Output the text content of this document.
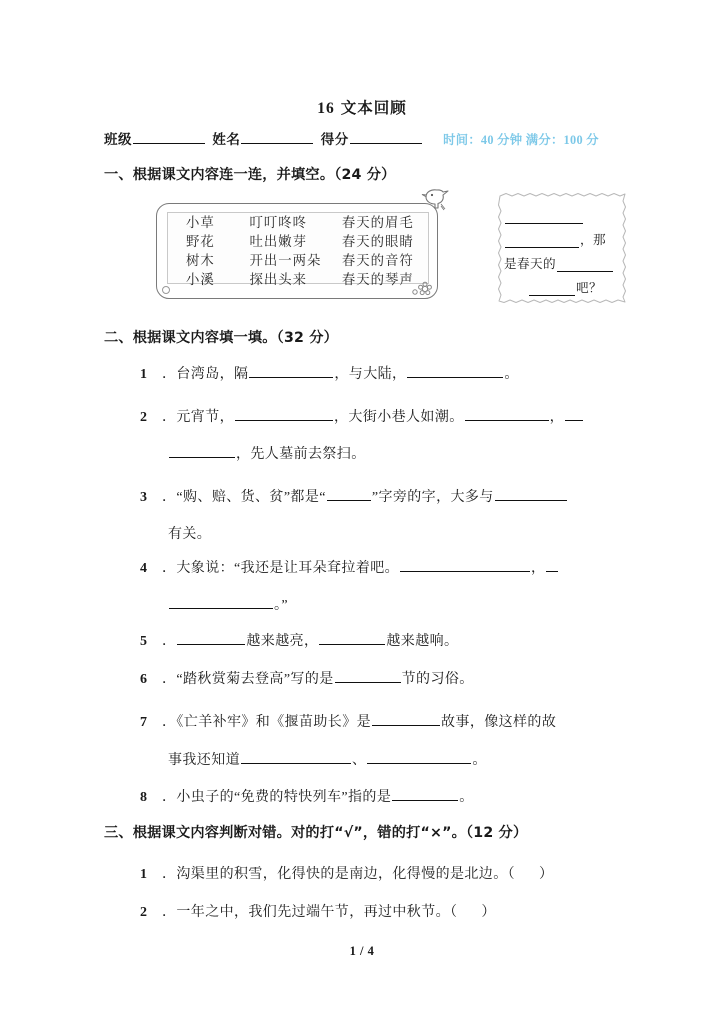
16 文本回顾
班级	姓名	得分	时间：40 分钟 满分：100 分
一、根据课文内容连一连，并填空。（24 分）
小草	叮叮咚咚	春天的眉毛
野花	吐出嫩芽	春天的眼睛
树木	开出一两朵	春天的音符
小溪	探出头来	春天的琴声
，那
是春天的
吧？
二、根据课文内容填一填。（32 分）
1 ．台湾岛，隔	，与大陆，	。
2 ．元宵节，	，大街小巷人如潮。	，
，先人墓前去祭扫。
3 ．“购、赔、货、贫”都是“	”字旁的字，大多与
有关。
4 ．大象说：“我还是让耳朵耷拉着吧。	，
。”
5 ．	越来越亮，	越来越响。
6 ．“踏秋赏菊去登高”写的是	节的习俗。
7 ．《亡羊补牢》和《揠苗助长》是	故事，像这样的故
事我还知道	、	。
8 ．小虫子的“免费的特快列车”指的是	。
三、根据课文内容判断对错。对的打“√”，错的打“×”。（12 分）
1 ．沟渠里的积雪，化得快的是南边，化得慢的是北边。（ ）
2 ．一年之中，我们先过端午节，再过中秋节。（ ）
1 / 4
